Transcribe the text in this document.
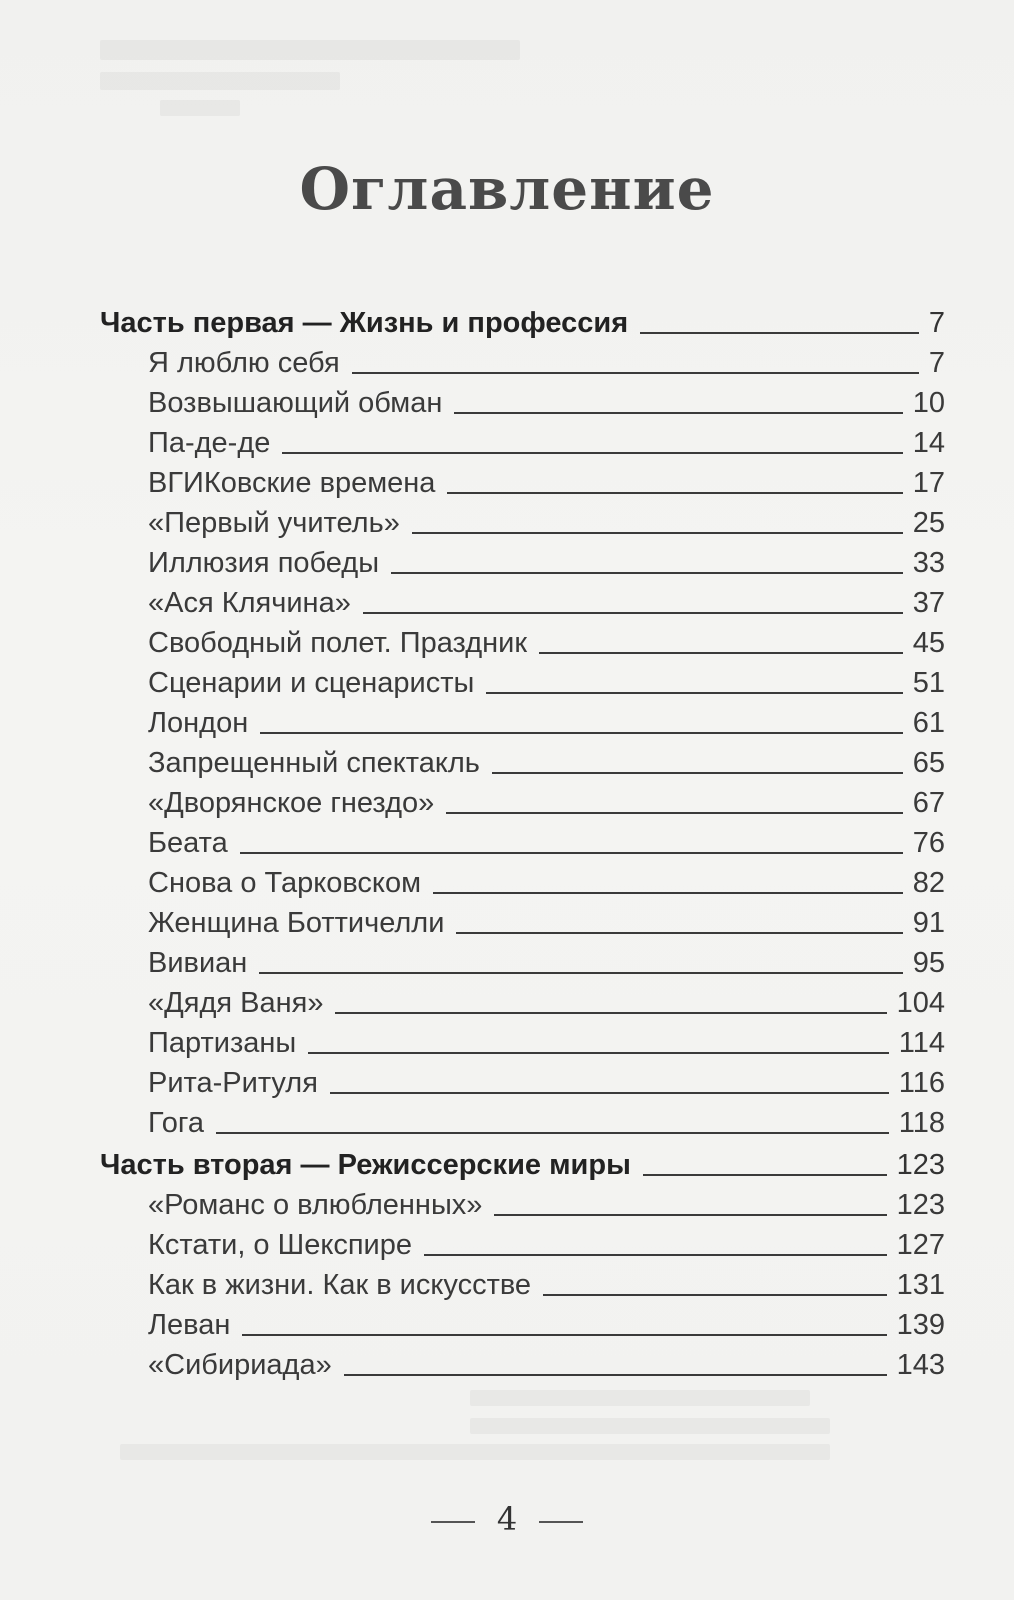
Оглавление
Часть первая — Жизнь и профессия	7
Я люблю себя	7
Возвышающий обман	10
Па-де-де	14
ВГИКовские времена	17
«Первый учитель»	25
Иллюзия победы	33
«Ася Клячина»	37
Свободный полет. Праздник	45
Сценарии и сценаристы	51
Лондон	61
Запрещенный спектакль	65
«Дворянское гнездо»	67
Беата	76
Снова о Тарковском	82
Женщина Боттичелли	91
Вивиан	95
«Дядя Ваня»	104
Партизаны	114
Рита-Ритуля	116
Гога	118
Часть вторая — Режиссерские миры	123
«Романс о влюбленных»	123
Кстати, о Шекспире	127
Как в жизни. Как в искусстве	131
Леван	139
«Сибириада»	143
4
